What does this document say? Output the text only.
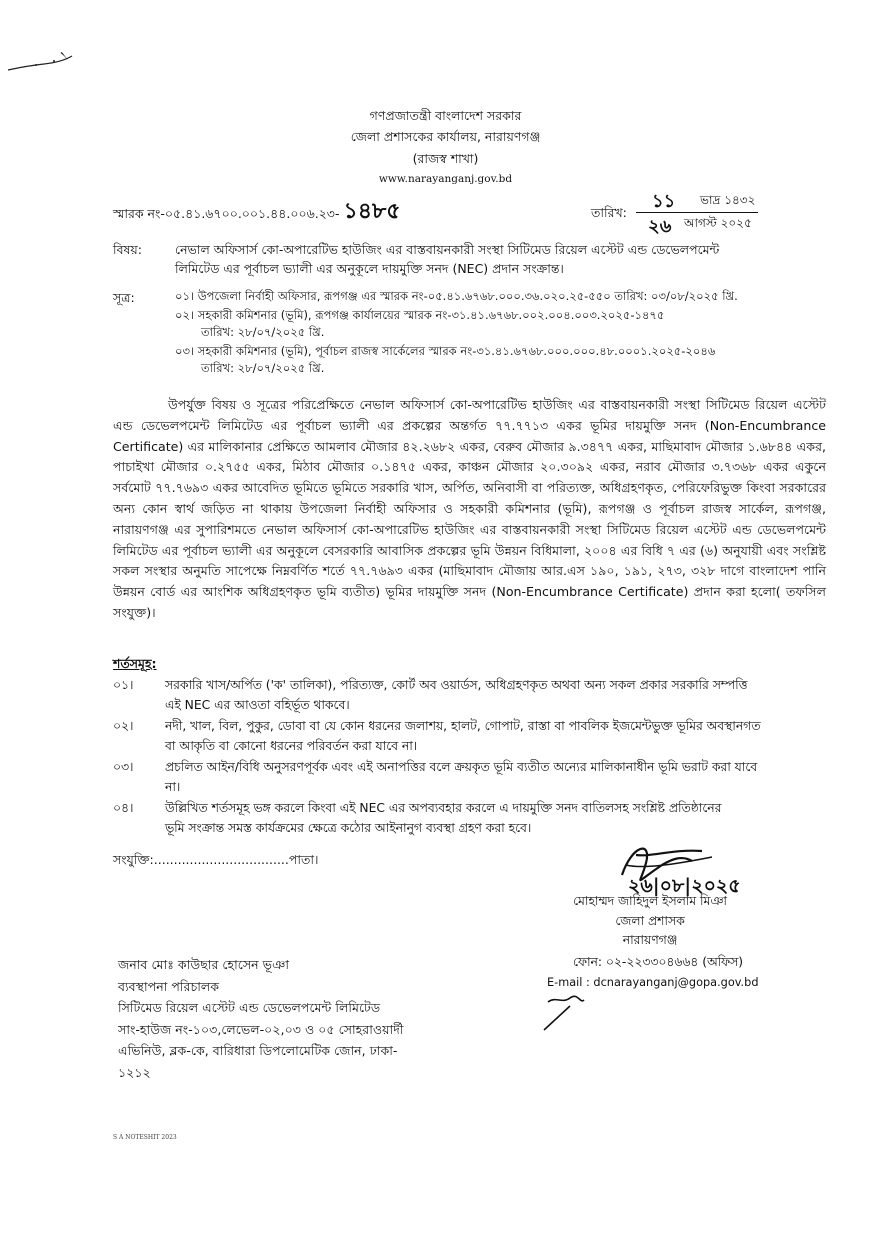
৲
গণপ্রজাতন্ত্রী বাংলাদেশ সরকার
জেলা প্রশাসকের কার্যালয়, নারায়ণগঞ্জ
(রাজস্ব শাখা)
www.narayanganj.gov.bd
স্মারক নং-০৫.৪১.৬৭০০.০০১.৪৪.০০৬.২৩- ১৪৮৫	তারিখ:
১১ ভাদ্র ১৪৩২
২৬ আগস্ট ২০২৫
বিষয়:	নেভাল অফিসার্স কো-অপারেটিভ হাউজিং এর বাস্তবায়নকারী সংস্থা সিটিমেড রিয়েল এস্টেট এন্ড ডেভেলপমেন্ট
লিমিটেড এর পূর্বাচল ভ্যালী এর অনুকূলে দায়মুক্তি সনদ (NEC) প্রদান সংক্রান্ত।
সূত্র:	০১। উপজেলা নির্বাহী অফিসার, রূপগঞ্জ এর স্মারক নং-০৫.৪১.৬৭৬৮.০০০.৩৬.০২০.২৫-৫৫০ তারিখ: ০৩/০৮/২০২৫ খ্রি.
০২। সহকারী কমিশনার (ভূমি), রূপগঞ্জ কার্যালয়ের স্মারক নং-৩১.৪১.৬৭৬৮.০০২.০০৪.০০৩.২০২৫-১৪৭৫
তারিখ: ২৮/০৭/২০২৫ খ্রি.
০৩। সহকারী কমিশনার (ভূমি), পূর্বাচল রাজস্ব সার্কেলের স্মারক নং-৩১.৪১.৬৭৬৮.০০০.০০০.৪৮.০০০১.২০২৫-২০৪৬
তারিখ: ২৮/০৭/২০২৫ খ্রি.
উপর্যুক্ত বিষয় ও সূত্রের পরিপ্রেক্ষিতে নেভাল অফিসার্স কো-অপারেটিভ হাউজিং এর বাস্তবায়নকারী সংস্থা সিটিমেড রিয়েল এস্টেট এন্ড ডেভেলপমেন্ট লিমিটেড এর পূর্বাচল ভ্যালী এর প্রকল্পের অন্তর্গত ৭৭.৭৭১৩ একর ভূমির দায়মুক্তি সনদ (Non-Encumbrance Certificate) এর মালিকানার প্রেক্ষিতে আমলাব মৌজার ৪২.২৬৮২ একর, বেরুব মৌজার ৯.৩৪৭৭ একর, মাছিমাবাদ মৌজার ১.৬৮৪৪ একর, পাচাইখা মৌজার ০.২৭৫৫ একর, মিঠাব মৌজার ০.১৪৭৫ একর, কাঞ্চন মৌজার ২০.৩০৯২ একর, নরাব মৌজার ৩.৭৩৬৮ একর একুনে সর্বমোট ৭৭.৭৬৯৩ একর আবেদিত ভূমিতে ভূমিতে সরকারি খাস, অর্পিত, অনিবাসী বা পরিত্যক্ত, অধিগ্রহণকৃত, পেরিফেরিভুক্ত কিংবা সরকারের অন্য কোন স্বার্থ জড়িত না থাকায় উপজেলা নির্বাহী অফিসার ও সহকারী কমিশনার (ভূমি), রূপগঞ্জ ও পূর্বাচল রাজস্ব সার্কেল, রূপগঞ্জ, নারায়ণগঞ্জ এর সুপারিশমতে নেভাল অফিসার্স কো-অপারেটিভ হাউজিং এর বাস্তবায়নকারী সংস্থা সিটিমেড রিয়েল এস্টেট এন্ড ডেভেলপমেন্ট লিমিটেড এর পূর্বাচল ভ্যালী এর অনুকূলে বেসরকারি আবাসিক প্রকল্পের ভূমি উন্নয়ন বিধিমালা, ২০০৪ এর বিধি ৭ এর (৬) অনুযায়ী এবং সংশ্লিষ্ট সকল সংস্থার অনুমতি সাপেক্ষে নিম্নবর্ণিত শর্তে ৭৭.৭৬৯৩ একর (মাছিমাবাদ মৌজায় আর.এস ১৯০, ১৯১, ২৭৩, ৩২৮ দাগে বাংলাদেশ পানি উন্নয়ন বোর্ড এর আংশিক অধিগ্রহণকৃত ভূমি ব্যতীত) ভূমির দায়মুক্তি সনদ (Non-Encumbrance Certificate) প্রদান করা হলো( তফসিল সংযুক্ত)।
শর্তসমূহ:
০১।	সরকারি খাস/অর্পিত ('ক' তালিকা), পরিত্যক্ত, কোর্ট অব ওয়ার্ডস, অধিগ্রহণকৃত অথবা অন্য সকল প্রকার সরকারি সম্পত্তি
এই NEC এর আওতা বহির্ভূত থাকবে।
০২।	নদী, খাল, বিল, পুকুর, ডোবা বা যে কোন ধরনের জলাশয়, হালট, গোপাট, রাস্তা বা পাবলিক ইজমেন্টভুক্ত ভূমির অবস্থানগত
বা আকৃতি বা কোনো ধরনের পরিবর্তন করা যাবে না।
০৩।	প্রচলিত আইন/বিধি অনুসরণপূর্বক এবং এই অনাপত্তির বলে ক্রয়কৃত ভূমি ব্যতীত অন্যের মালিকানাধীন ভূমি ভরাট করা যাবে
না।
০৪।	উল্লিখিত শর্তসমূহ ভঙ্গ করলে কিংবা এই NEC এর অপব্যবহার করলে এ দায়মুক্তি সনদ বাতিলসহ সংশ্লিষ্ট প্রতিষ্ঠানের
ভূমি সংক্রান্ত সমস্ত কার্যক্রমের ক্ষেত্রে কঠোর আইনানুগ ব্যবস্থা গ্রহণ করা হবে।
সংযুক্তি:..................................পাতা।
২৬|০৮|২০২৫
মোহাম্মদ জাহিদুল ইসলাম মিঞা
জেলা প্রশাসক
নারায়ণগঞ্জ
ফোন: ০২-২২৩৩০৪৬৬৪ (অফিস)
E-mail : dcnarayanganj@gopa.gov.bd
জনাব মোঃ কাউছার হোসেন ভূঞা
ব্যবস্থাপনা পরিচালক
সিটিমেড রিয়েল এস্টেট এন্ড ডেভেলপমেন্ট লিমিটেড
সাং-হাউজ নং-১০৩,লেভেল-০২,০৩ ও ০৫ সোহরাওয়ার্দী
এভিনিউ, ব্লক-কে, বারিধারা ডিপলোমেটিক জোন, ঢাকা-
১২১২
S A NOTESHIT 2023
